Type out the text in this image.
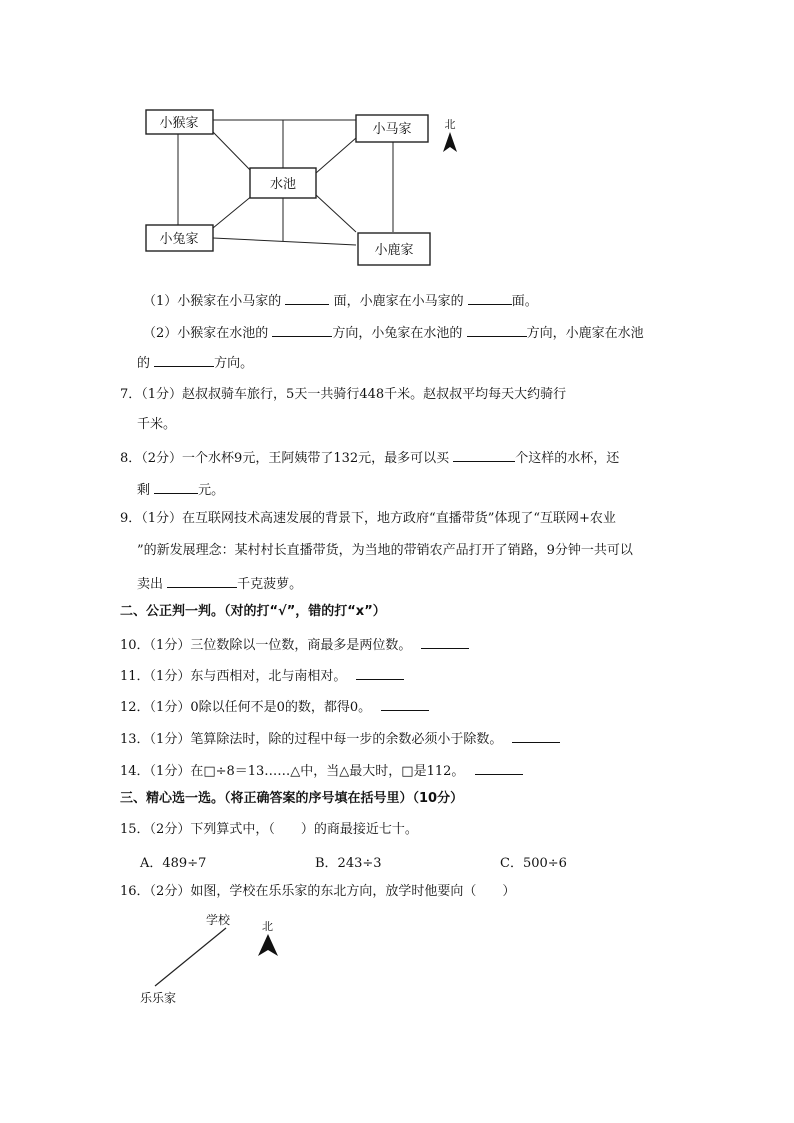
小猴家	小马家
水池
小兔家
小鹿家
北
（1）小猴家在小马家的	面，小鹿家在小马家的	面。
（2）小猴家在水池的	方向，小兔家在水池的	方向，小鹿家在水池
的	方向。
7．（1分）赵叔叔骑车旅行，5天一共骑行448千米。赵叔叔平均每天大约骑行
千米。
8．（2分）一个水杯9元，王阿姨带了132元，最多可以买	个这样的水杯，还
剩	元。
9．（1分）在互联网技术高速发展的背景下，地方政府“直播带货”体现了“互联网+农业
”的新发展理念：某村村长直播带货，为当地的带销农产品打开了销路，9分钟一共可以
卖出	千克菠萝。
二、公正判一判。（对的打“√”，错的打“x”）
10．（1分）三位数除以一位数，商最多是两位数。
11．（1分）东与西相对，北与南相对。
12．（1分）0除以任何不是0的数，都得0。
13．（1分）笔算除法时，除的过程中每一步的余数必须小于除数。
14．（1分）在□÷8＝13……△中，当△最大时，□是112。
三、精心选一选。（将正确答案的序号填在括号里）（10分）
15．（2分）下列算式中，（　　）的商最接近七十。
A．489÷7	B．243÷3	C．500÷6
16．（2分）如图，学校在乐乐家的东北方向，放学时他要向（　　）
学校
乐乐家
北
